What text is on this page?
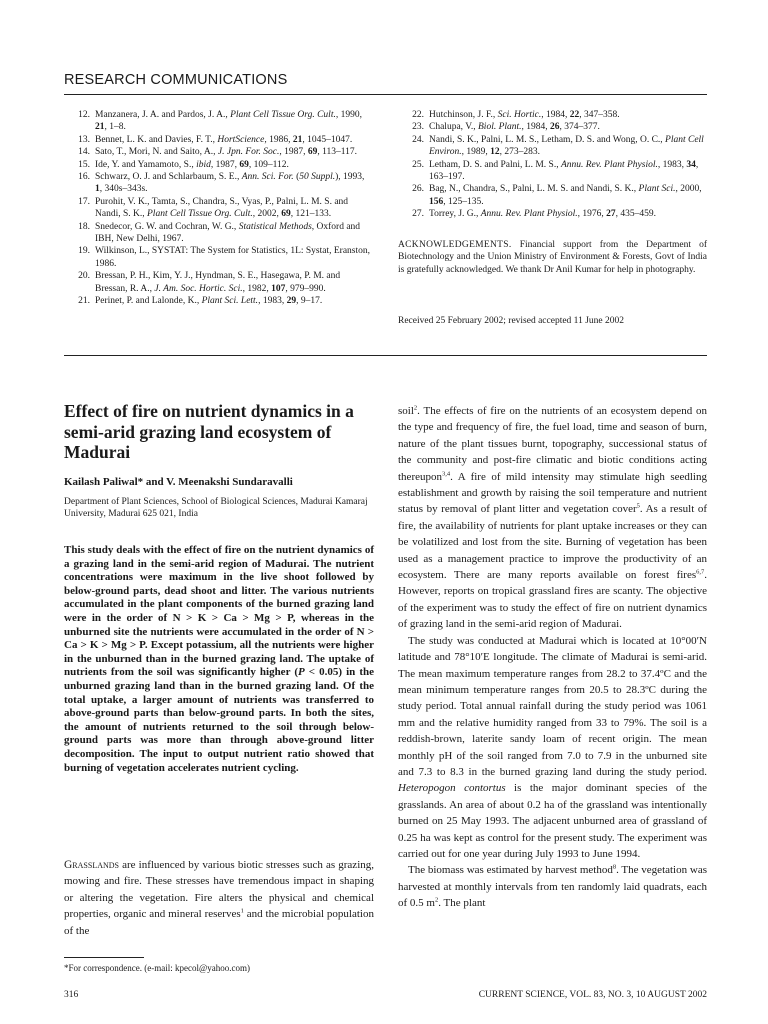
RESEARCH COMMUNICATIONS
12. Manzanera, J. A. and Pardos, J. A., Plant Cell Tissue Org. Cult., 1990, 21, 1–8.
13. Bennet, L. K. and Davies, F. T., HortScience, 1986, 21, 1045–1047.
14. Sato, T., Mori, N. and Saito, A., J. Jpn. For. Soc., 1987, 69, 113–117.
15. Ide, Y. and Yamamoto, S., ibid, 1987, 69, 109–112.
16. Schwarz, O. J. and Schlarbaum, S. E., Ann. Sci. For. (50 Suppl.), 1993, 1, 340s–343s.
17. Purohit, V. K., Tamta, S., Chandra, S., Vyas, P., Palni, L. M. S. and Nandi, S. K., Plant Cell Tissue Org. Cult., 2002, 69, 121–133.
18. Snedecor, G. W. and Cochran, W. G., Statistical Methods, Oxford and IBH, New Delhi, 1967.
19. Wilkinson, L., SYSTAT: The System for Statistics, 1L: Systat, Eranston, 1986.
20. Bressan, P. H., Kim, Y. J., Hyndman, S. E., Hasegawa, P. M. and Bressan, R. A., J. Am. Soc. Hortic. Sci., 1982, 107, 979–990.
21. Perinet, P. and Lalonde, K., Plant Sci. Lett., 1983, 29, 9–17.
22. Hutchinson, J. F., Sci. Hortic., 1984, 22, 347–358.
23. Chalupa, V., Biol. Plant., 1984, 26, 374–377.
24. Nandi, S. K., Palni, L. M. S., Letham, D. S. and Wong, O. C., Plant Cell Environ., 1989, 12, 273–283.
25. Letham, D. S. and Palni, L. M. S., Annu. Rev. Plant Physiol., 1983, 34, 163–197.
26. Bag, N., Chandra, S., Palni, L. M. S. and Nandi, S. K., Plant Sci., 2000, 156, 125–135.
27. Torrey, J. G., Annu. Rev. Plant Physiol., 1976, 27, 435–459.
ACKNOWLEDGEMENTS. Financial support from the Department of Biotechnology and the Union Ministry of Environment & Forests, Govt of India is gratefully acknowledged. We thank Dr Anil Kumar for help in photography.
Received 25 February 2002; revised accepted 11 June 2002
Effect of fire on nutrient dynamics in a semi-arid grazing land ecosystem of Madurai
Kailash Paliwal* and V. Meenakshi Sundaravalli
Department of Plant Sciences, School of Biological Sciences, Madurai Kamaraj University, Madurai 625 021, India
This study deals with the effect of fire on the nutrient dynamics of a grazing land in the semi-arid region of Madurai. The nutrient concentrations were maximum in the live shoot followed by below-ground parts, dead shoot and litter. The various nutrients accumulated in the plant components of the burned grazing land were in the order of N > K > Ca > Mg > P, whereas in the unburned site the nutrients were accumulated in the order of N > Ca > K > Mg > P. Except potassium, all the nutrients were higher in the unburned than in the burned grazing land. The uptake of nutrients from the soil was significantly higher (P < 0.05) in the unburned grazing land than in the burned grazing land. Of the total uptake, a larger amount of nutrients was transferred to above-ground parts than below-ground parts. In both the sites, the amount of nutrients returned to the soil through below-ground parts was more than through above-ground litter decomposition. The input to output nutrient ratio showed that burning of vegetation accelerates nutrient cycling.
Grasslands are influenced by various biotic stresses such as grazing, mowing and fire. These stresses have tremendous impact in shaping or altering the vegetation. Fire alters the physical and chemical properties, organic and mineral reserves$^1$ and the microbial population of the

soil$^2$. The effects of fire on the nutrients of an ecosystem depend on the type and frequency of fire, the fuel load, time and season of burn, nature of the plant tissues burnt, topography, successional status of the community and post-fire climatic and biotic conditions acting thereupon$^{3,4}$. A fire of mild intensity may stimulate high seedling establishment and growth by raising the soil temperature and nutrient status by removal of plant litter and vegetation cover$^5$. As a result of fire, the availability of nutrients for plant uptake increases or they can be volatilized and lost from the site. Burning of vegetation has been used as a management practice to improve the productivity of an ecosystem. There are many reports available on forest fires$^{6,7}$. However, reports on tropical grassland fires are scanty. The objective of the experiment was to study the effect of fire on nutrient dynamics of grazing land in the semi-arid region of Madurai.

The study was conducted at Madurai which is located at 10°00′N latitude and 78°10′E longitude. The climate of Madurai is semi-arid. The mean maximum temperature ranges from 28.2 to 37.4ºC and the mean minimum temperature ranges from 20.5 to 28.3ºC during the study period. Total annual rainfall during the study period was 1061 mm and the relative humidity ranged from 33 to 79%. The soil is a reddish-brown, laterite sandy loam of recent origin. The mean monthly pH of the soil ranged from 7.0 to 7.9 in the unburned site and 7.3 to 8.3 in the burned grazing land during the study period. Heteropogon contortus is the major dominant species of the grasslands. An area of about 0.2 ha of the grassland was intentionally burned on 25 May 1993. The adjacent unburned area of grassland of 0.25 ha was kept as control for the present study. The experiment was carried out for one year during July 1993 to June 1994.

The biomass was estimated by harvest method$^8$. The vegetation was harvested at monthly intervals from ten randomly laid quadrats, each of 0.5 $m^2$. The plant

*For correspondence. (e-mail: kpecol@yahoo.com)
316	CURRENT SCIENCE, VOL. 83, NO. 3, 10 AUGUST 2002
